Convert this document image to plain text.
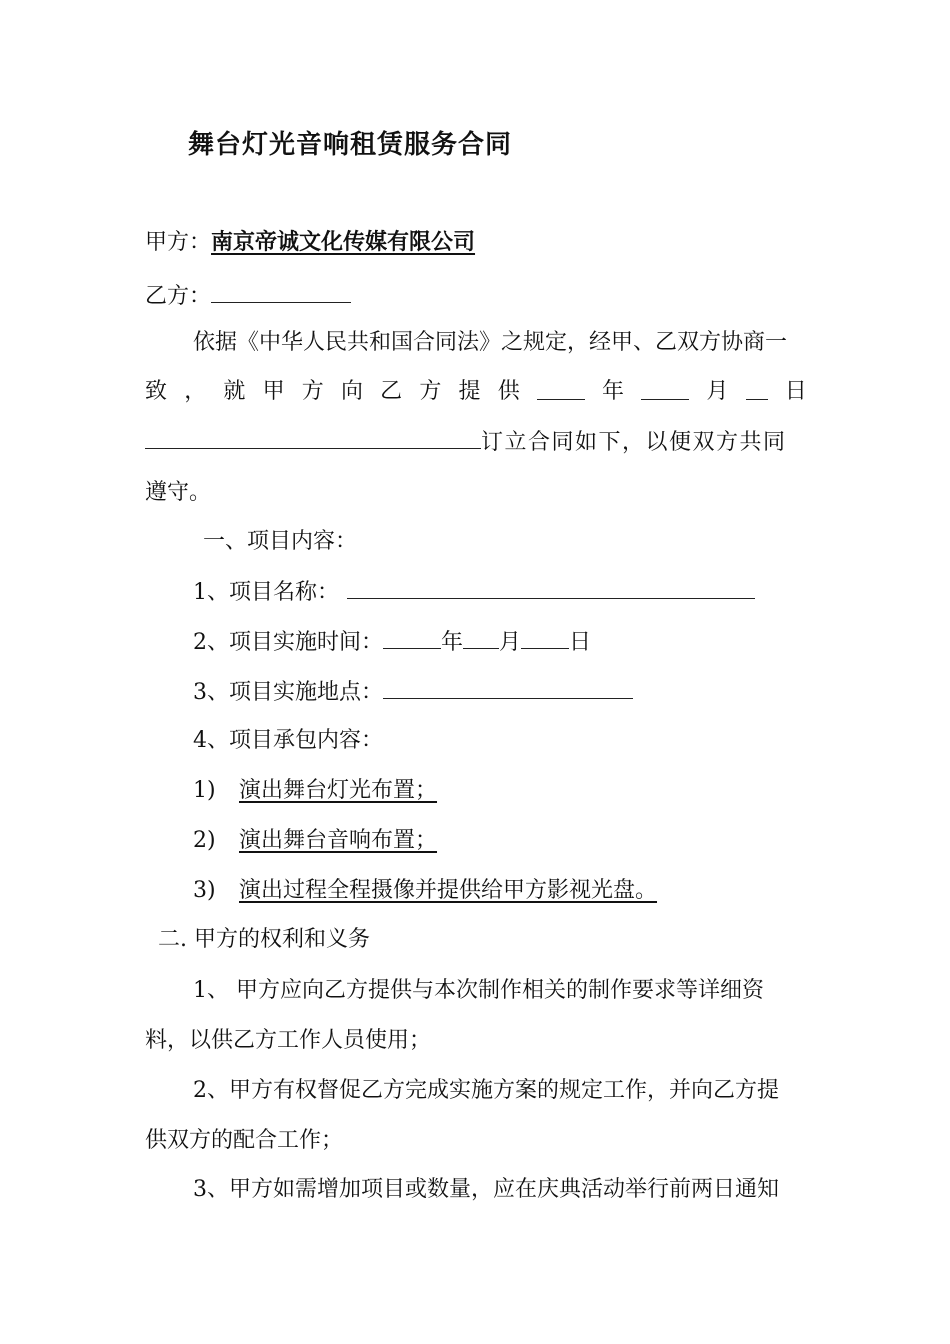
舞台灯光音响租赁服务合同
甲方：南京帝诚文化传媒有限公司
乙方：
依据《中华人民共和国合同法》之规定，经甲、乙双方协商一
致 ， 就 甲 方 向 乙 方 提 供	年	月	日
订立合同如下，以便双方共同
遵守。
一、项目内容：
1、项目名称：
2、项目实施时间：	年 月 日
3、项目实施地点：
4、项目承包内容：
1) 演出舞台灯光布置；
2) 演出舞台音响布置；
3) 演出过程全程摄像并提供给甲方影视光盘。
二. 甲方的权利和义务
1、 甲方应向乙方提供与本次制作相关的制作要求等详细资
料，以供乙方工作人员使用；
2、甲方有权督促乙方完成实施方案的规定工作，并向乙方提
供双方的配合工作；
3、甲方如需增加项目或数量，应在庆典活动举行前两日通知
